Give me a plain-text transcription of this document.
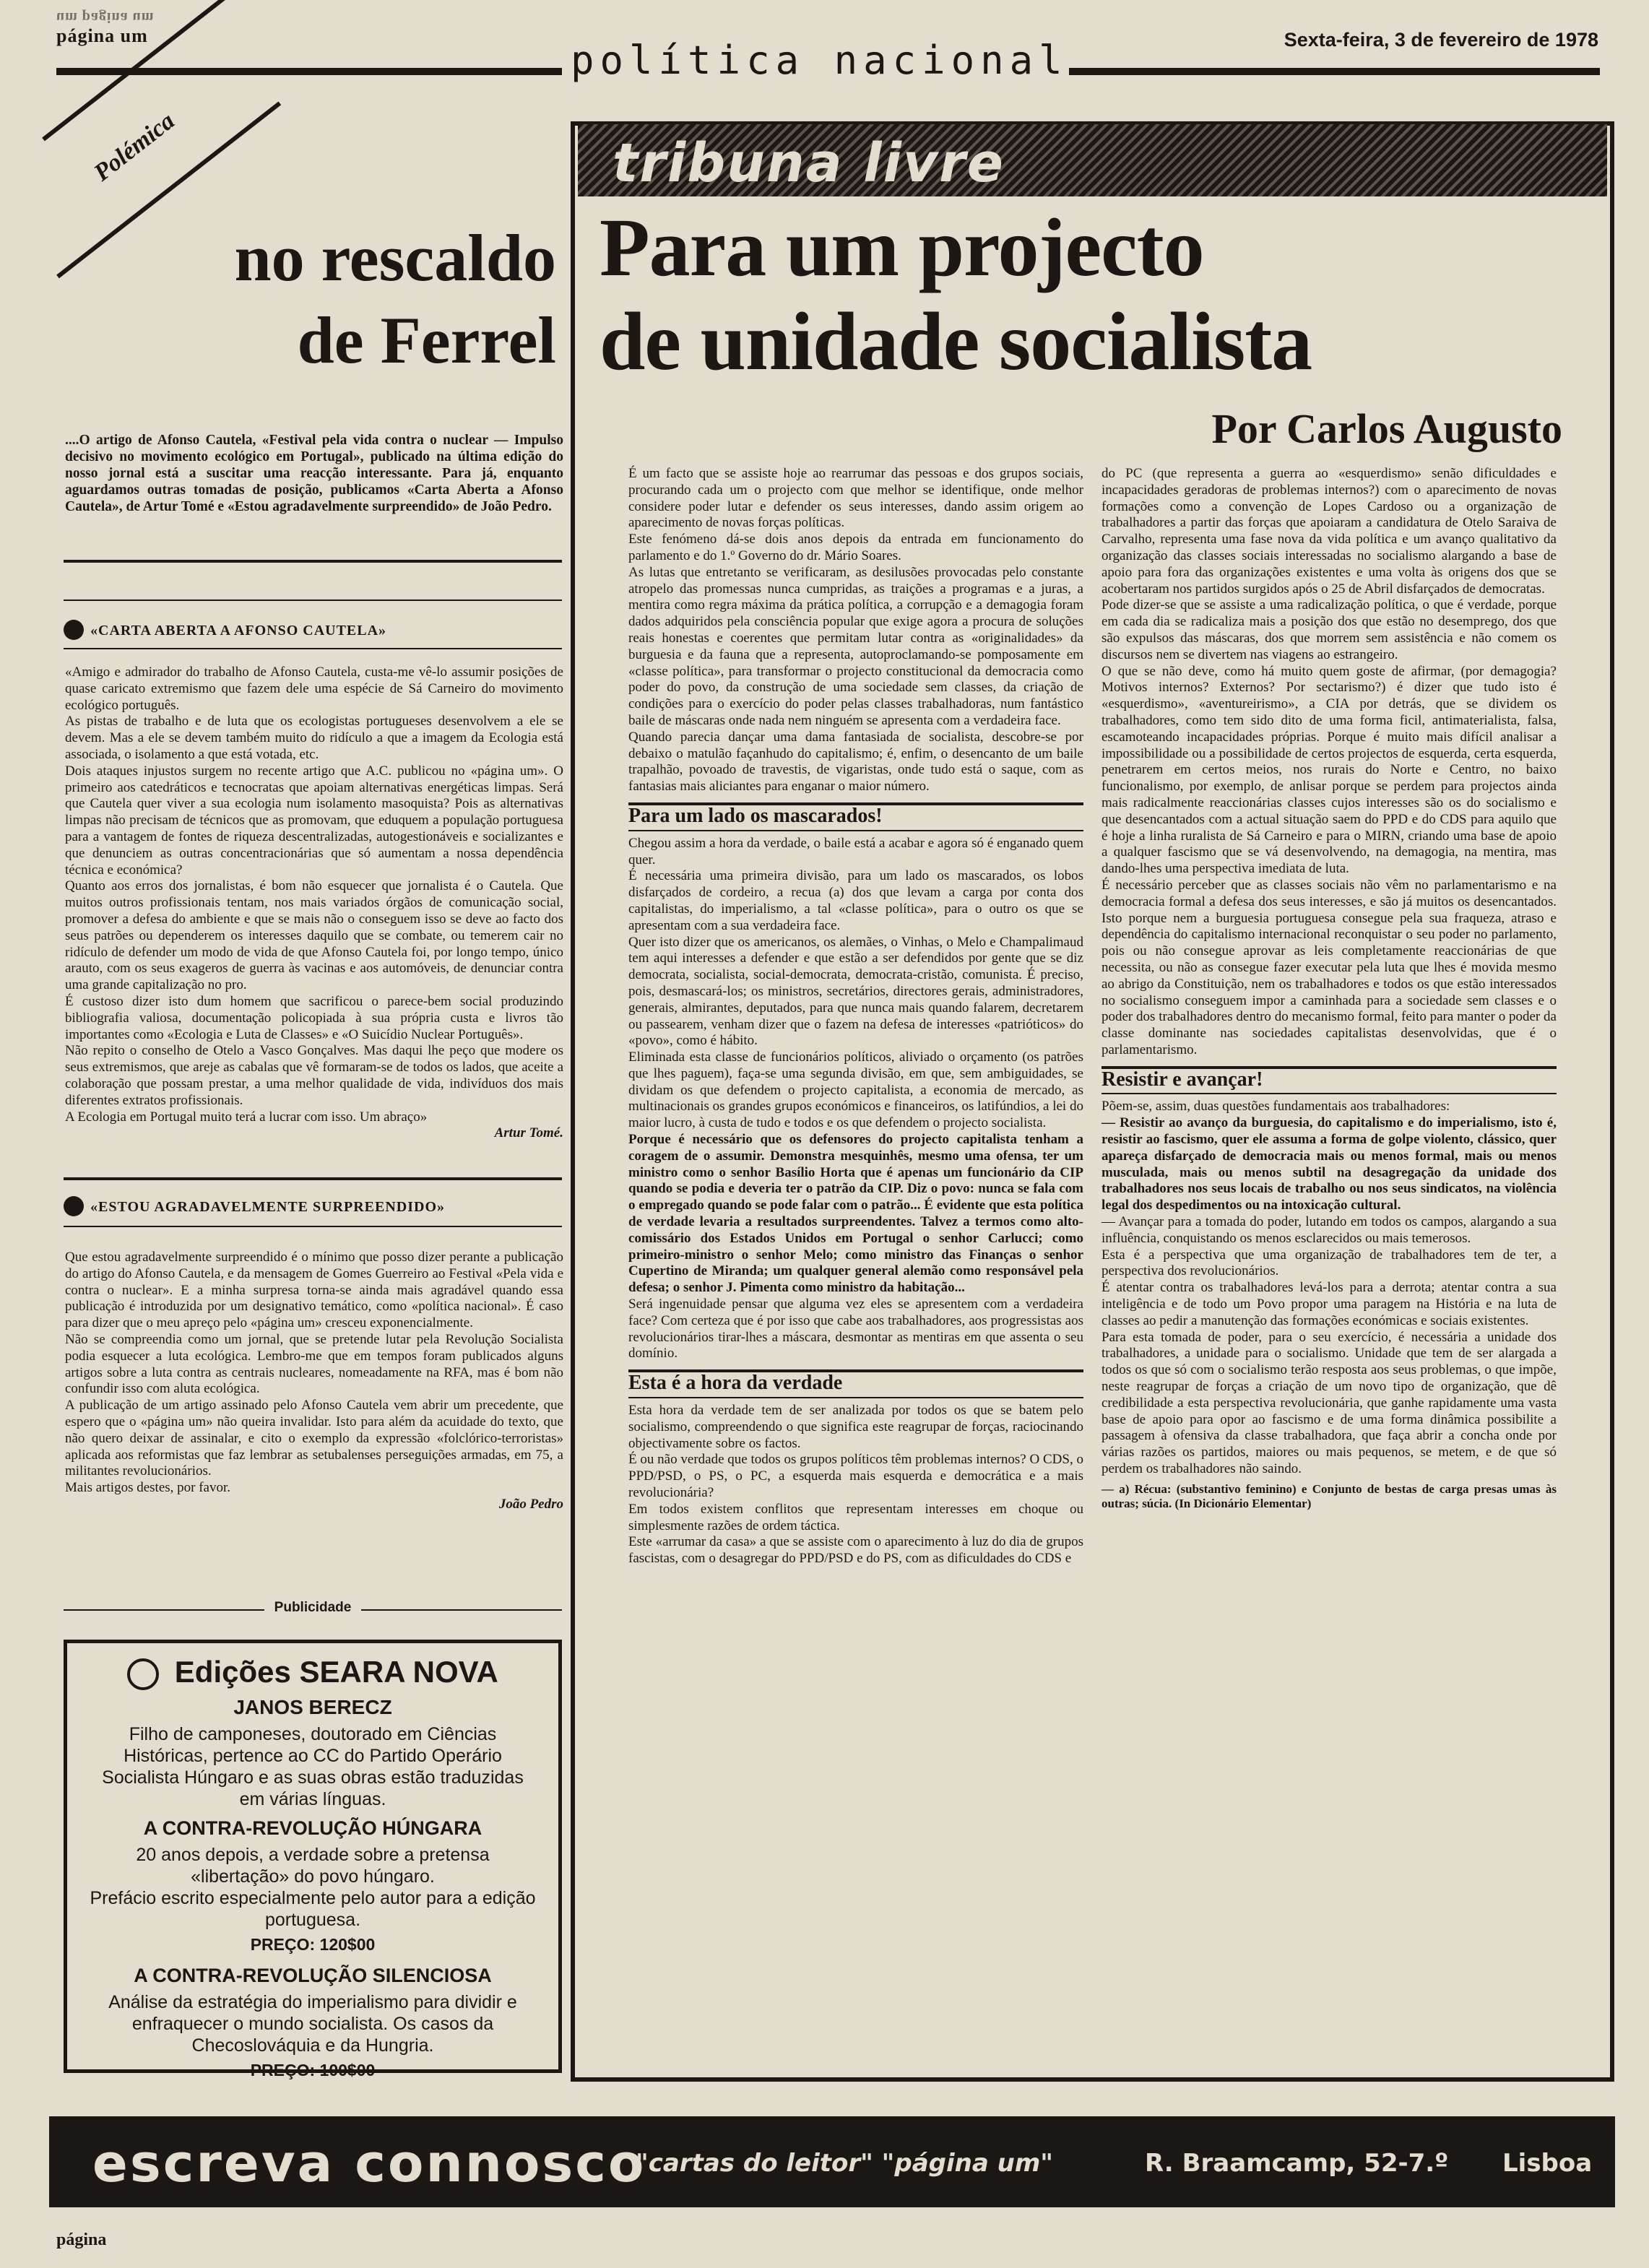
um pagina um
página um	Sexta-feira, 3 de fevereiro de 1978
política nacional
Polémica
no rescaldo
de Ferrel
....O artigo de Afonso Cautela, «Festival pela vida contra o nuclear — Impulso decisivo no movimento ecológico em Portugal», publicado na última edição do nosso jornal está a suscitar uma reacção interessante. Para já, enquanto aguardamos outras tomadas de posição, publicamos «Carta Aberta a Afonso Cautela», de Artur Tomé e «Estou agradavelmente surpreendido» de João Pedro.
«CARTA ABERTA A AFONSO CAUTELA»
«Amigo e admirador do trabalho de Afonso Cautela, custa-me vê-lo assumir posições de quase caricato extremismo que fazem dele uma espécie de Sá Carneiro do movimento ecológico português.
As pistas de trabalho e de luta que os ecologistas portugueses desenvolvem a ele se devem. Mas a ele se devem também muito do ridículo a que a imagem da Ecologia está associada, o isolamento a que está votada, etc.
Dois ataques injustos surgem no recente artigo que A.C. publicou no «página um». O primeiro aos catedráticos e tecnocratas que apoiam alternativas energéticas limpas. Será que Cautela quer viver a sua ecologia num isolamento masoquista? Pois as alternativas limpas não precisam de técnicos que as promovam, que eduquem a população portuguesa para a vantagem de fontes de riqueza descentralizadas, autogestionáveis e socializantes e que denunciem as outras concentracionárias que só aumentam a nossa dependência técnica e económica?
Quanto aos erros dos jornalistas, é bom não esquecer que jornalista é o Cautela. Que muitos outros profissionais tentam, nos mais variados órgãos de comunicação social, promover a defesa do ambiente e que se mais não o conseguem isso se deve ao facto dos seus patrões ou dependerem os interesses daquilo que se combate, ou temerem cair no ridículo de defender um modo de vida de que Afonso Cautela foi, por longo tempo, único arauto, com os seus exageros de guerra às vacinas e aos automóveis, de denunciar contra uma grande capitalização no pro.
É custoso dizer isto dum homem que sacrificou o parece-bem social produzindo bibliografia valiosa, documentação policopiada à sua própria custa e livros tão importantes como «Ecologia e Luta de Classes» e «O Suicídio Nuclear Português».
Não repito o conselho de Otelo a Vasco Gonçalves. Mas daqui lhe peço que modere os seus extremismos, que areje as cabalas que vê formaram-se de todos os lados, que aceite a colaboração que possam prestar, a uma melhor qualidade de vida, indivíduos dos mais diferentes extratos profissionais.
A Ecologia em Portugal muito terá a lucrar com isso. Um abraço»
Artur Tomé.
«ESTOU AGRADAVELMENTE SURPREENDIDO»
Que estou agradavelmente surpreendido é o mínimo que posso dizer perante a publicação do artigo do Afonso Cautela, e da mensagem de Gomes Guerreiro ao Festival «Pela vida e contra o nuclear». E a minha surpresa torna-se ainda mais agradável quando essa publicação é introduzida por um designativo temático, como «política nacional». É caso para dizer que o meu apreço pelo «página um» cresceu exponencialmente.
Não se compreendia como um jornal, que se pretende lutar pela Revolução Socialista podia esquecer a luta ecológica. Lembro-me que em tempos foram publicados alguns artigos sobre a luta contra as centrais nucleares, nomeadamente na RFA, mas é bom não confundir isso com aluta ecológica.
A publicação de um artigo assinado pelo Afonso Cautela vem abrir um precedente, que espero que o «página um» não queira invalidar. Isto para além da acuidade do texto, que não quero deixar de assinalar, e cito o exemplo da expressão «folclórico-terroristas» aplicada aos reformistas que faz lembrar as setubalenses perseguições armadas, em 75, a militantes revolucionários.
Mais artigos destes, por favor.
João Pedro
Publicidade
Edições SEARA NOVA
JANOS BERECZ
Filho de camponeses, doutorado em Ciências Históricas, pertence ao CC do Partido Operário Socialista Húngaro e as suas obras estão traduzidas em várias línguas.
A CONTRA-REVOLUÇÃO HÚNGARA
20 anos depois, a verdade sobre a pretensa «libertação» do povo húngaro.
Prefácio escrito especialmente pelo autor para a edição portuguesa.
PREÇO: 120$00
A CONTRA-REVOLUÇÃO SILENCIOSA
Análise da estratégia do imperialismo para dividir e enfraquecer o mundo socialista. Os casos da Checoslováquia e da Hungria.
PREÇO: 100$00
tribuna livre
Para um projecto
de unidade socialista
Por Carlos Augusto
É um facto que se assiste hoje ao rearrumar das pessoas e dos grupos sociais, procurando cada um o projecto com que melhor se identifique, onde melhor considere poder lutar e defender os seus interesses, dando assim origem ao aparecimento de novas forças políticas.
Este fenómeno dá-se dois anos depois da entrada em funcionamento do parlamento e do 1.º Governo do dr. Mário Soares.
As lutas que entretanto se verificaram, as desilusões provocadas pelo constante atropelo das promessas nunca cumpridas, as traições a programas e a juras, a mentira como regra máxima da prática política, a corrupção e a demagogia foram dados adquiridos pela consciência popular que exige agora a procura de soluções reais honestas e coerentes que permitam lutar contra as «originalidades» da burguesia e da fauna que a representa, autoproclamando-se pomposamente em «classe política», para transformar o projecto constitucional da democracia como poder do povo, da construção de uma sociedade sem classes, da criação de condições para o exercício do poder pelas classes trabalhadoras, num fantástico baile de máscaras onde nada nem ninguém se apresenta com a verdadeira face.
Quando parecia dançar uma dama fantasiada de socialista, descobre-se por debaixo o matulão façanhudo do capitalismo; é, enfim, o desencanto de um baile trapalhão, povoado de travestis, de vigaristas, onde tudo está o saque, com as fantasias mais aliciantes para enganar o maior número.
Para um lado os mascarados!
Chegou assim a hora da verdade, o baile está a acabar e agora só é enganado quem quer.
É necessária uma primeira divisão, para um lado os mascarados, os lobos disfarçados de cordeiro, a recua (a) dos que levam a carga por conta dos capitalistas, do imperialismo, a tal «classe política», para o outro os que se apresentam com a sua verdadeira face.
Quer isto dizer que os americanos, os alemães, o Vinhas, o Melo e Champalimaud tem aqui interesses a defender e que estão a ser defendidos por gente que se diz democrata, socialista, social-democrata, democrata-cristão, comunista. É preciso, pois, desmascará-los; os ministros, secretários, directores gerais, administradores, generais, almirantes, deputados, para que nunca mais quando falarem, decretarem ou passearem, venham dizer que o fazem na defesa de interesses «patrióticos» do «povo», como é hábito.
Eliminada esta classe de funcionários políticos, aliviado o orçamento (os patrões que lhes paguem), faça-se uma segunda divisão, em que, sem ambiguidades, se dividam os que defendem o projecto capitalista, a economia de mercado, as multinacionais os grandes grupos económicos e financeiros, os latifúndios, a lei do maior lucro, à custa de tudo e todos e os que defendem o projecto socialista.
Porque é necessário que os defensores do projecto capitalista tenham a coragem de o assumir. Demonstra mesquinhês, mesmo uma ofensa, ter um ministro como o senhor Basílio Horta que é apenas um funcionário da CIP quando se podia e deveria ter o patrão da CIP. Diz o povo: nunca se fala com o empregado quando se pode falar com o patrão... É evidente que esta política de verdade levaria a resultados surpreendentes. Talvez a termos como alto-comissário dos Estados Unidos em Portugal o senhor Carlucci; como primeiro-ministro o senhor Melo; como ministro das Finanças o senhor Cupertino de Miranda; um qualquer general alemão como responsável pela defesa; o senhor J. Pimenta como ministro da habitação...
Será ingenuidade pensar que alguma vez eles se apresentem com a verdadeira face? Com certeza que é por isso que cabe aos trabalhadores, aos progressistas aos revolucionários tirar-lhes a máscara, desmontar as mentiras em que assenta o seu domínio.
Esta é a hora da verdade
Esta hora da verdade tem de ser analizada por todos os que se batem pelo socialismo, compreendendo o que significa este reagrupar de forças, raciocinando objectivamente sobre os factos.
É ou não verdade que todos os grupos políticos têm problemas internos? O CDS, o PPD/PSD, o PS, o PC, a esquerda mais esquerda e democrática e a mais revolucionária?
Em todos existem conflitos que representam interesses em choque ou simplesmente razões de ordem táctica.
Este «arrumar da casa» a que se assiste com o aparecimento à luz do dia de grupos fascistas, com o desagregar do PPD/PSD e do PS, com as dificuldades do CDS e
do PC (que representa a guerra ao «esquerdismo» senão dificuldades e incapacidades geradoras de problemas internos?) com o aparecimento de novas formações como a convenção de Lopes Cardoso ou a organização de trabalhadores a partir das forças que apoiaram a candidatura de Otelo Saraiva de Carvalho, representa uma fase nova da vida política e um avanço qualitativo da organização das classes sociais interessadas no socialismo alargando a base de apoio para fora das organizações existentes e uma volta às origens dos que se acobertaram nos partidos surgidos após o 25 de Abril disfarçados de democratas.
Pode dizer-se que se assiste a uma radicalização política, o que é verdade, porque em cada dia se radicaliza mais a posição dos que estão no desemprego, dos que são expulsos das máscaras, dos que morrem sem assistência e não comem os discursos nem se divertem nas viagens ao estrangeiro.
O que se não deve, como há muito quem goste de afirmar, (por demagogia? Motivos internos? Externos? Por sectarismo?) é dizer que tudo isto é «esquerdismo», «aventureirismo», a CIA por detrás, que se dividem os trabalhadores, como tem sido dito de uma forma ficil, antimaterialista, falsa, escamoteando incapacidades próprias. Porque é muito mais difícil analisar a impossibilidade ou a possibilidade de certos projectos de esquerda, certa esquerda, penetrarem em certos meios, nos rurais do Norte e Centro, no baixo funcionalismo, por exemplo, de anlisar porque se perdem para projectos ainda mais radicalmente reaccionárias classes cujos interesses são os do socialismo e que desencantados com a actual situação saem do PPD e do CDS para aquilo que é hoje a linha ruralista de Sá Carneiro e para o MIRN, criando uma base de apoio a qualquer fascismo que se vá desenvolvendo, na demagogia, na mentira, mas dando-lhes uma perspectiva imediata de luta.
É necessário perceber que as classes sociais não vêm no parlamentarismo e na democracia formal a defesa dos seus interesses, e são já muitos os desencantados. Isto porque nem a burguesia portuguesa consegue pela sua fraqueza, atraso e dependência do capitalismo internacional reconquistar o seu poder no parlamento, pois ou não consegue aprovar as leis completamente reaccionárias de que necessita, ou não as consegue fazer executar pela luta que lhes é movida mesmo ao abrigo da Constituição, nem os trabalhadores e todos os que estão interessados no socialismo conseguem impor a caminhada para a sociedade sem classes e o poder dos trabalhadores dentro do mecanismo formal, feito para manter o poder da classe dominante nas sociedades capitalistas desenvolvidas, que é o parlamentarismo.
Resistir e avançar!
Põem-se, assim, duas questões fundamentais aos trabalhadores:
— Resistir ao avanço da burguesia, do capitalismo e do imperialismo, isto é, resistir ao fascismo, quer ele assuma a forma de golpe violento, clássico, quer apareça disfarçado de democracia mais ou menos formal, mais ou menos musculada, mais ou menos subtil na desagregação da unidade dos trabalhadores nos seus locais de trabalho ou nos seus sindicatos, na violência legal dos despedimentos ou na intoxicação cultural.
— Avançar para a tomada do poder, lutando em todos os campos, alargando a sua influência, conquistando os menos esclarecidos ou mais temerosos.
Esta é a perspectiva que uma organização de trabalhadores tem de ter, a perspectiva dos revolucionários.
É atentar contra os trabalhadores levá-los para a derrota; atentar contra a sua inteligência e de todo um Povo propor uma paragem na História e na luta de classes ao pedir a manutenção das formações económicas e sociais existentes.
Para esta tomada de poder, para o seu exercício, é necessária a unidade dos trabalhadores, a unidade para o socialismo. Unidade que tem de ser alargada a todos os que só com o socialismo terão resposta aos seus problemas, o que impõe, neste reagrupar de forças a criação de um novo tipo de organização, que dê credibilidade a esta perspectiva revolucionária, que ganhe rapidamente uma vasta base de apoio para opor ao fascismo e de uma forma dinâmica possibilite a passagem à ofensiva da classe trabalhadora, que faça abrir a concha onde por várias razões os partidos, maiores ou mais pequenos, se metem, e de que só perdem os trabalhadores não saindo.
— a) Récua: (substantivo feminino) e Conjunto de bestas de carga presas umas às outras; súcia. (In Dicionário Elementar)
escreva connosco
"cartas do leitor" "página um"	R. Braamcamp, 52-7.º Lisboa
página
